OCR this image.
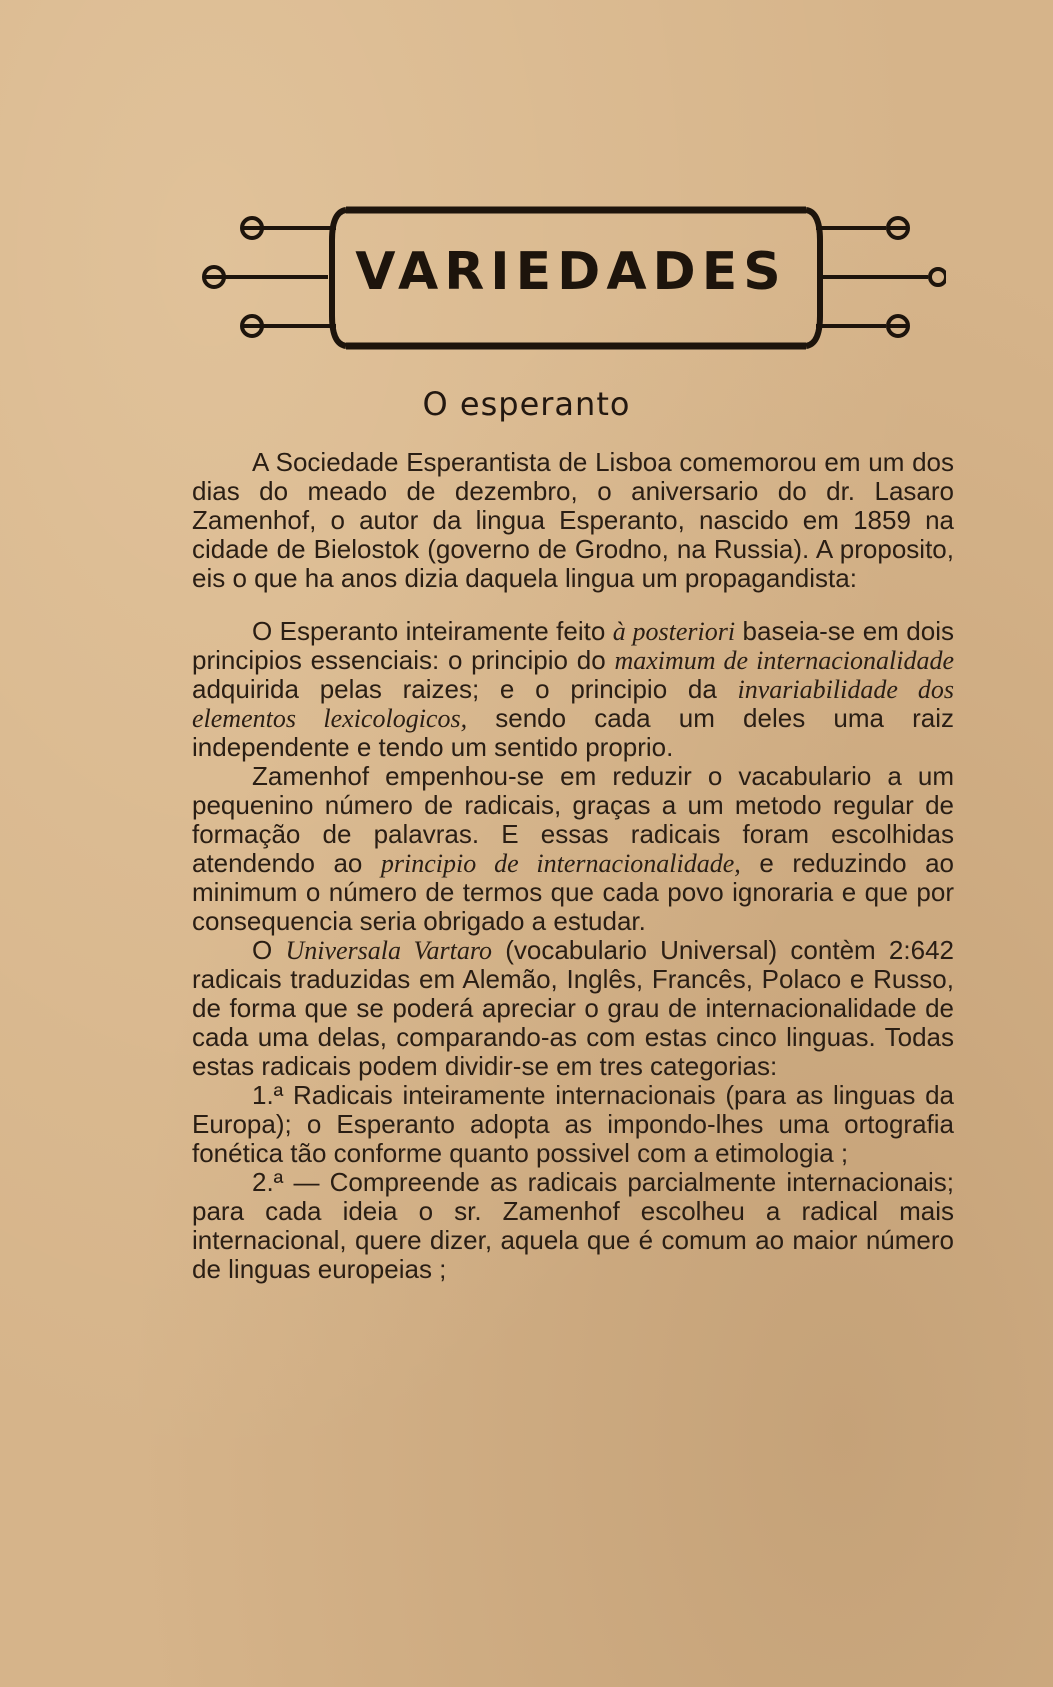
VARIEDADES
O esperanto

A Sociedade Esperantista de Lisboa comemorou em um dos dias do meado de dezembro, o aniversario do dr. Lasaro Zamenhof, o autor da lingua Esperanto, nascido em 1859 na cidade de Bielostok (governo de Grodno, na Russia). A proposito, eis o que ha anos dizia daquela lingua um propagandista:

O Esperanto inteiramente feito à posteriori baseia-se em dois principios essenciais: o principio do maximum de internacionalidade adquirida pelas raizes; e o principio da invariabilidade dos elementos lexicologicos, sendo cada um deles uma raiz independente e tendo um sentido proprio.

Zamenhof empenhou-se em reduzir o vacabulario a um pequenino número de radicais, graças a um metodo regular de formação de palavras. E essas radicais foram escolhidas atendendo ao principio de internacionalidade, e reduzindo ao minimum o número de termos que cada povo ignoraria e que por consequencia seria obrigado a estudar.

O Universala Vartaro (vocabulario Universal) contèm 2:642 radicais traduzidas em Alemão, Inglês, Francês, Polaco e Russo, de forma que se poderá apreciar o grau de internacionalidade de cada uma delas, comparando-as com estas cinco linguas. Todas estas radicais podem dividir-se em tres categorias:

1.ª Radicais inteiramente internacionais (para as linguas da Europa); o Esperanto adopta as impondo-lhes uma ortografia fonética tão conforme quanto possivel com a etimologia ;

2.ª — Compreende as radicais parcialmente internacionais; para cada ideia o sr. Zamenhof escolheu a radical mais internacional, quere dizer, aquela que é comum ao maior número de linguas europeias ;
